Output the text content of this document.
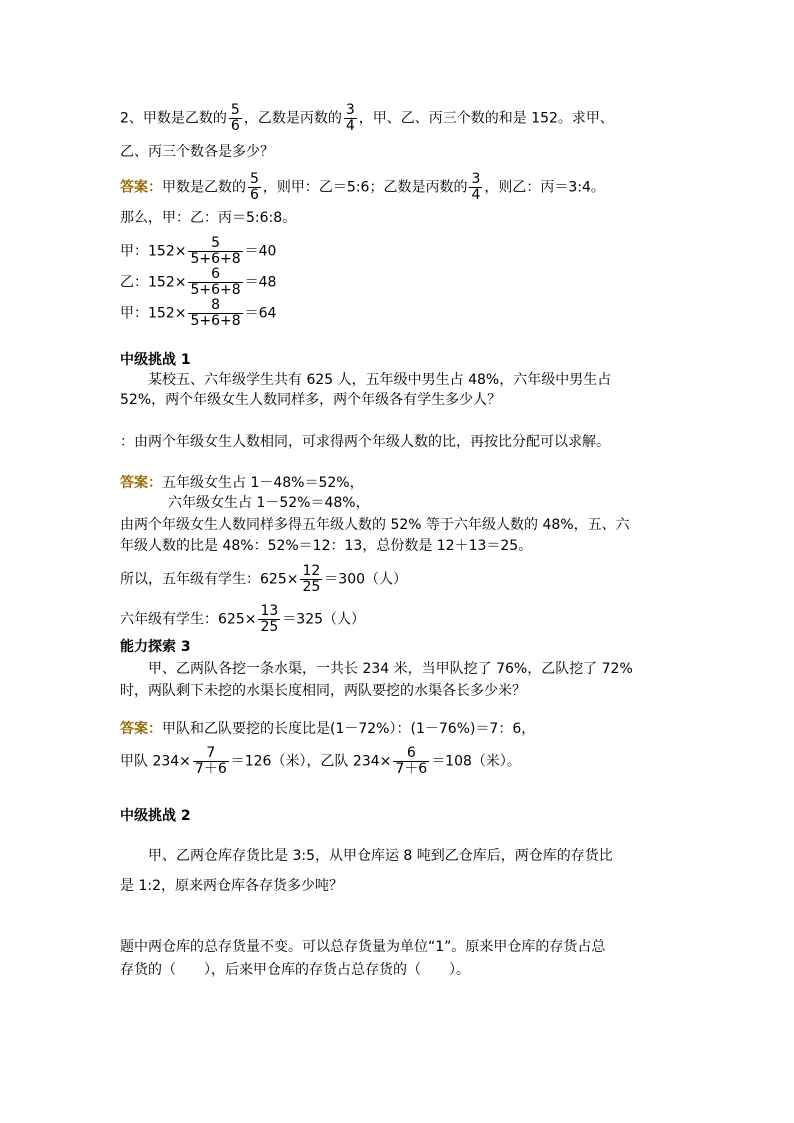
2、甲数是乙数的 $\frac{5}{6}$ ，乙数是丙数的 $\frac{3}{4}$ ，甲、乙、丙三个数的和是 152。求甲、
乙、丙三个数各是多少？
答案：甲数是乙数的 $\frac{5}{6}$ ，则甲：乙＝5:6；乙数是丙数的 $\frac{3}{4}$ ，则乙：丙＝3:4。
那么，甲：乙：丙＝5:6:8。
甲：$152\times \frac{5}{5+6+8} =40$
乙：$152\times \frac{6}{5+6+8} =48$
甲：$152\times \frac{8}{5+6+8} =64$
中级挑战 1
某校五、六年级学生共有 625 人，五年级中男生占 48%，六年级中男生占
52%，两个年级女生人数同样多，两个年级各有学生多少人？
：由两个年级女生人数相同，可求得两个年级人数的比，再按比分配可以求解。
答案：五年级女生占 1－48%＝52%，
六年级女生占 1－52%＝48%，
由两个年级女生人数同样多得五年级人数的 52% 等于六年级人数的 48%，五、六
年级人数的比是 48%：52%＝12：13，总份数是 12＋13＝25。
所以，五年级有学生：$625\times \frac{12}{25} =300$（人）
六年级有学生：$625\times \frac{13}{25} =325$（人）
能力探索 3
甲、乙两队各挖一条水渠，一共长 234 米，当甲队挖了 76%，乙队挖了 72%
时，两队剩下未挖的水渠长度相同，两队要挖的水渠各长多少米？
答案：甲队和乙队要挖的长度比是(1－72%）：(1－76%)＝7：6，
甲队 $234\times \frac{7}{7+6} =126$（米），乙队 $234\times \frac{6}{7+6} =108$（米）。
中级挑战 2
甲、乙两仓库存货比是 3:5，从甲仓库运 8 吨到乙仓库后，两仓库的存货比
是 1:2，原来两仓库各存货多少吨？
题中两仓库的总存货量不变。可以总存货量为单位“1”。原来甲仓库的存货占总
存货的（　　），后来甲仓库的存货占总存货的（　　）。
